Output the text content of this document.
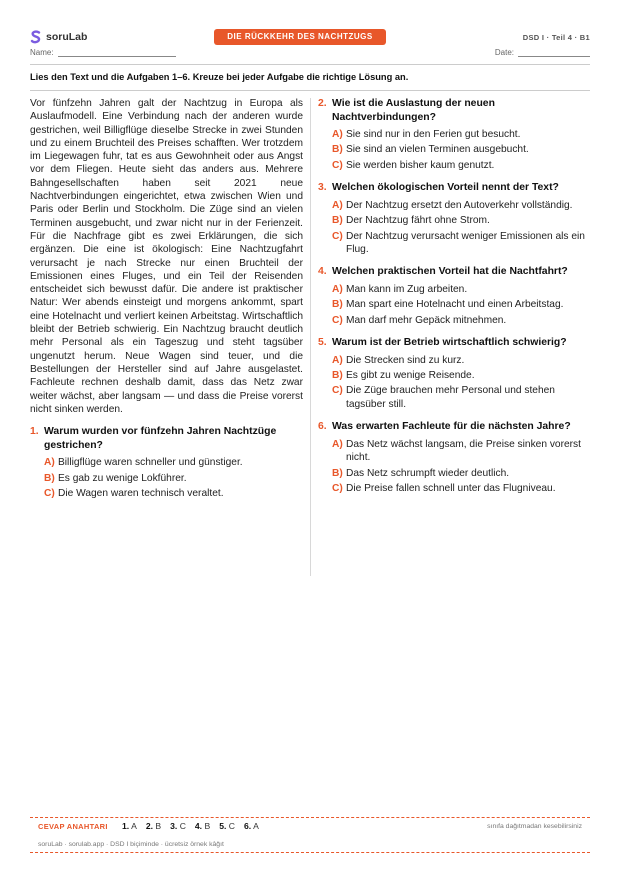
soruLab	DIE RÜCKKEHR DES NACHTZUGS	DSD I · Teil 4 · B1
Name:	Date:
Lies den Text und die Aufgaben 1–6. Kreuze bei jeder Aufgabe die richtige Lösung an.

Vor fünfzehn Jahren galt der Nachtzug in Europa als Auslaufmodell. Eine Verbindung nach der anderen wurde gestrichen, weil Billigflüge dieselbe Strecke in zwei Stunden und zu einem Bruchteil des Preises schafften. Wer trotzdem im Liegewagen fuhr, tat es aus Gewohnheit oder aus Angst vor dem Fliegen. Heute sieht das anders aus. Mehrere Bahngesellschaften haben seit 2021 neue Nachtverbindungen eingerichtet, etwa zwischen Wien und Paris oder Berlin und Stockholm. Die Züge sind an vielen Terminen ausgebucht, und zwar nicht nur in der Ferienzeit. Für die Nachfrage gibt es zwei Erklärungen, die sich ergänzen. Die eine ist ökologisch: Eine Nachtzugfahrt verursacht je nach Strecke nur einen Bruchteil der Emissionen eines Fluges, und ein Teil der Reisenden entscheidet sich bewusst dafür. Die andere ist praktischer Natur: Wer abends einsteigt und morgens ankommt, spart eine Hotelnacht und verliert keinen Arbeitstag. Wirtschaftlich bleibt der Betrieb schwierig. Ein Nachtzug braucht deutlich mehr Personal als ein Tageszug und steht tagsüber ungenutzt herum. Neue Wagen sind teuer, und die Bestellungen der Hersteller sind auf Jahre ausgelastet. Fachleute rechnen deshalb damit, dass das Netz zwar weiter wächst, aber langsam — und dass die Preise vorerst nicht sinken werden.

1. Warum wurden vor fünfzehn Jahren Nachtzüge gestrichen?
A) Billigflüge waren schneller und günstiger.
B) Es gab zu wenige Lokführer.
C) Die Wagen waren technisch veraltet.
2. Wie ist die Auslastung der neuen Nachtverbindungen?
A) Sie sind nur in den Ferien gut besucht.
B) Sie sind an vielen Terminen ausgebucht.
C) Sie werden bisher kaum genutzt.
3. Welchen ökologischen Vorteil nennt der Text?
A) Der Nachtzug ersetzt den Autoverkehr vollständig.
B) Der Nachtzug fährt ohne Strom.
C) Der Nachtzug verursacht weniger Emissionen als ein Flug.
4. Welchen praktischen Vorteil hat die Nachtfahrt?
A) Man kann im Zug arbeiten.
B) Man spart eine Hotelnacht und einen Arbeitstag.
C) Man darf mehr Gepäck mitnehmen.
5. Warum ist der Betrieb wirtschaftlich schwierig?
A) Die Strecken sind zu kurz.
B) Es gibt zu wenige Reisende.
C) Die Züge brauchen mehr Personal und stehen tagsüber still.
6. Was erwarten Fachleute für die nächsten Jahre?
A) Das Netz wächst langsam, die Preise sinken vorerst nicht.
B) Das Netz schrumpft wieder deutlich.
C) Die Preise fallen schnell unter das Flugniveau.
CEVAP ANAHTARI 1. A 2. B 3. C 4. B 5. C 6. A	sınıfa dağıtmadan kesebilirsiniz
soruLab · sorulab.app · DSD I biçiminde · ücretsiz örnek kâğıt
